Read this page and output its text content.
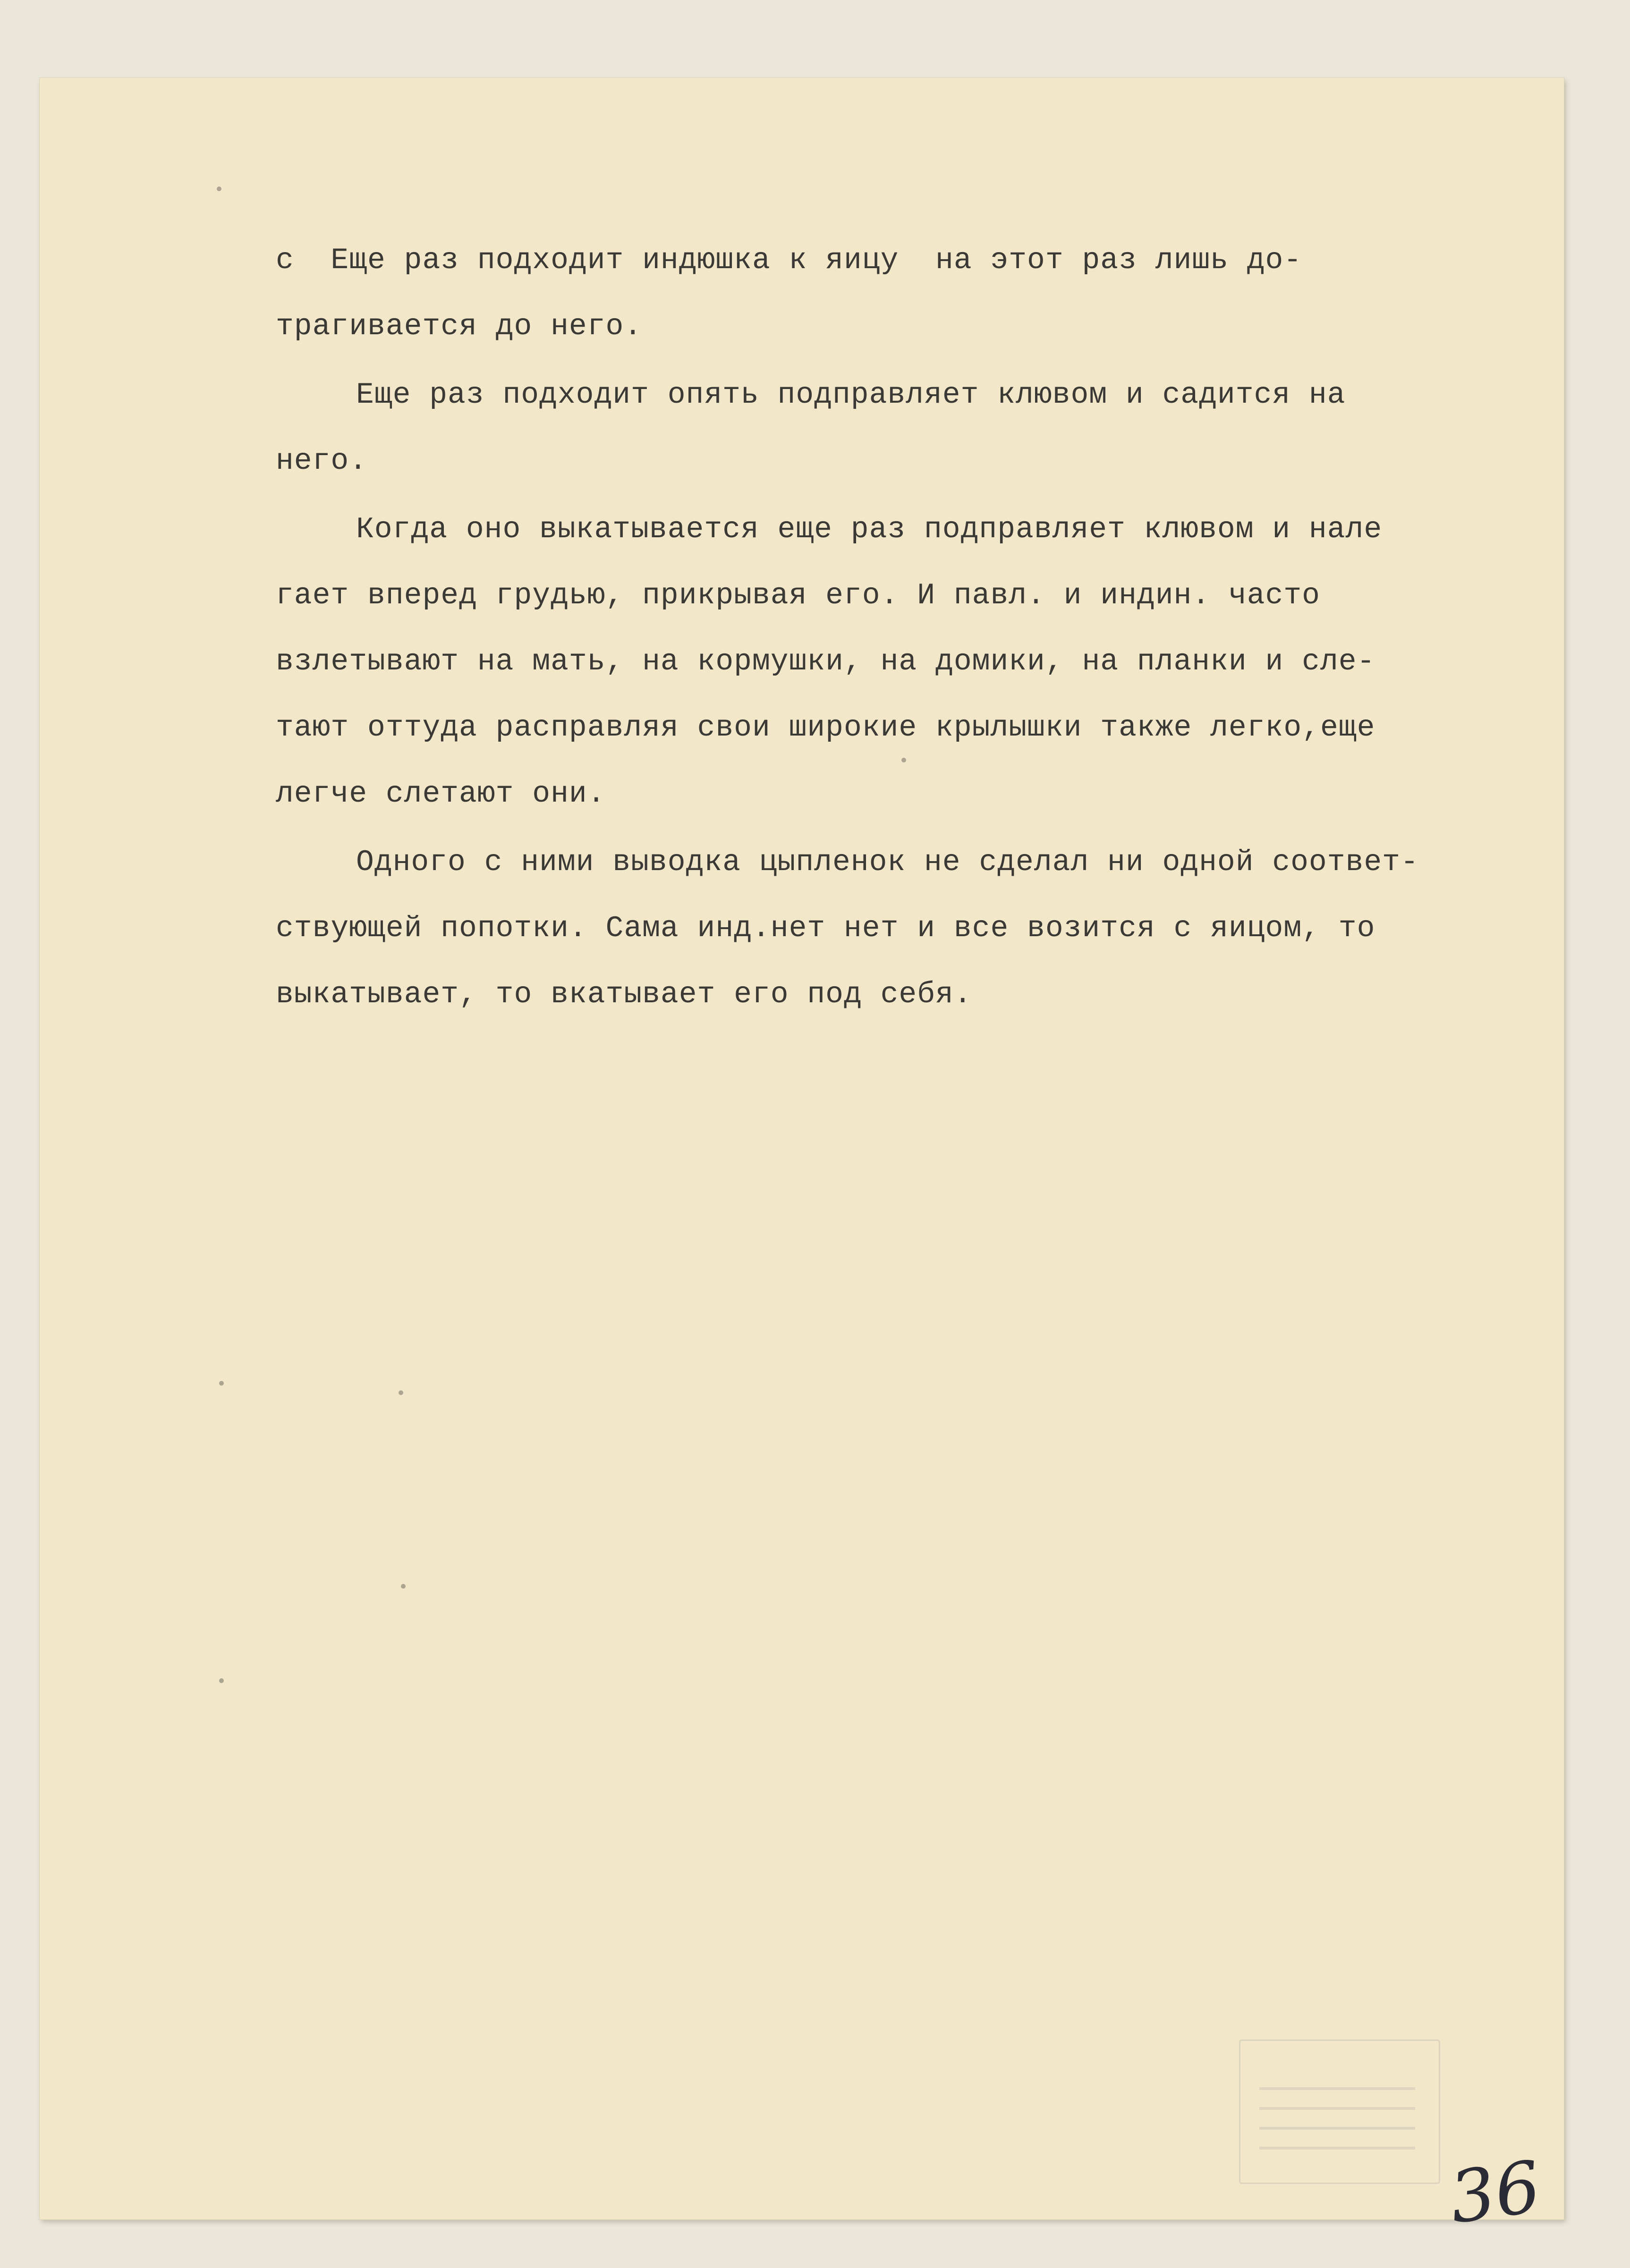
с  Еще раз подходит индюшка к яицу  на этот раз лишь до-
трагивается до него.
Еще раз подходит опять подправляет клювом и садится на
него.
Когда оно выкатывается еще раз подправляет клювом и нале
гает вперед грудью, прикрывая его. И павл. и индин. часто
взлетывают на мать, на кормушки, на домики, на планки и сле-
тают оттуда расправляя свои широкие крылышки также легко,еще
легче слетают они.
Одного с ними выводка цыпленок не сделал ни одной соответ-
ствующей попотки. Сама инд.нет нет и все возится с яицом, то
выкатывает, то вкатывает его под себя.
36
